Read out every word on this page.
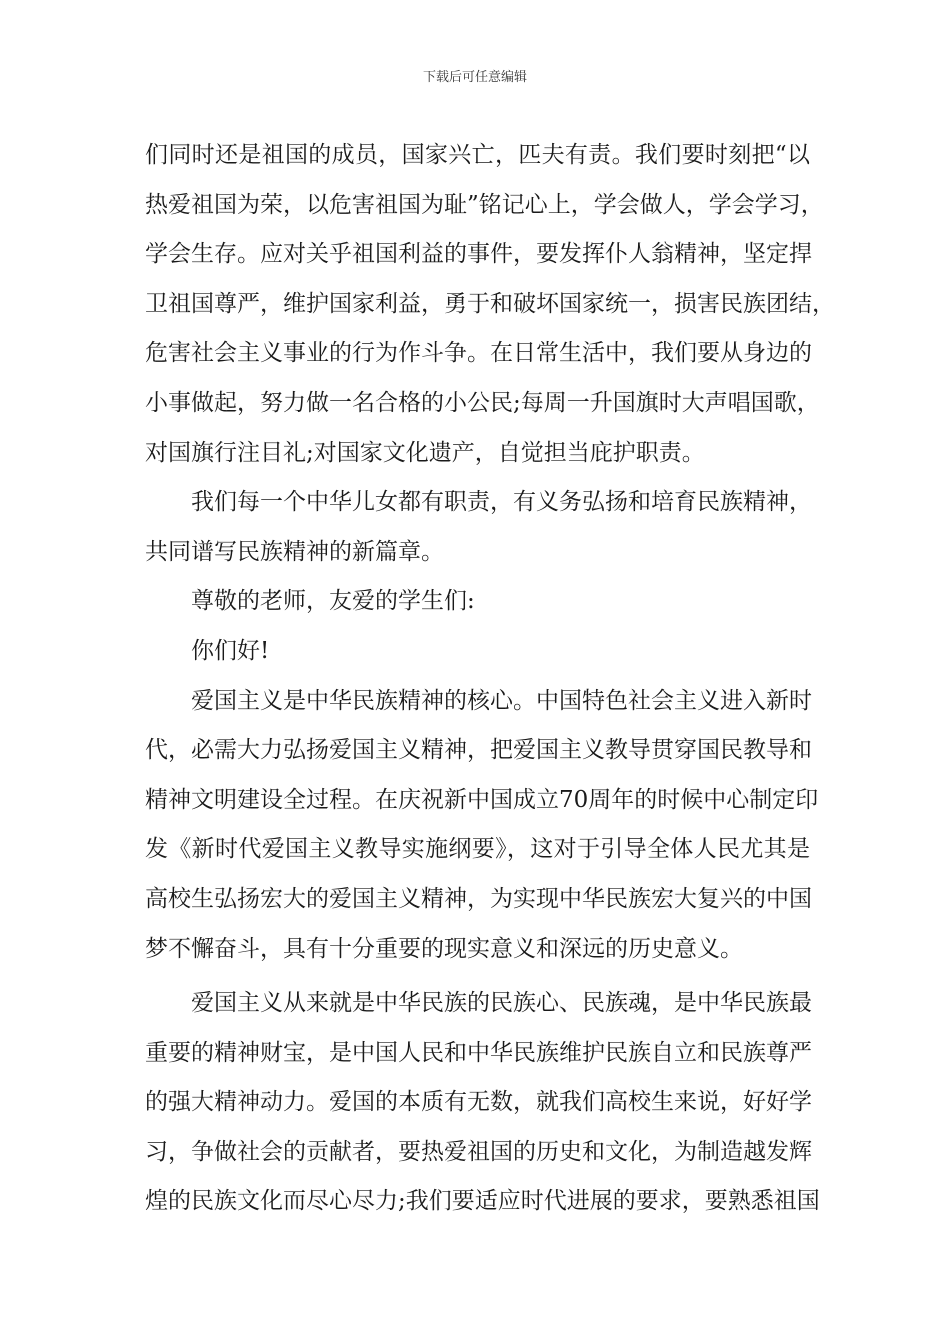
下载后可任意编辑
们同时还是祖国的成员，国家兴亡，匹夫有责。我们要时刻把“以
热爱祖国为荣，以危害祖国为耻”铭记心上，学会做人，学会学习，
学会生存。应对关乎祖国利益的事件，要发挥仆人翁精神，坚定捍
卫祖国尊严，维护国家利益，勇于和破坏国家统一，损害民族团结，
危害社会主义事业的行为作斗争。在日常生活中，我们要从身边的
小事做起，努力做一名合格的小公民;每周一升国旗时大声唱国歌，
对国旗行注目礼;对国家文化遗产，自觉担当庇护职责。
我们每一个中华儿女都有职责，有义务弘扬和培育民族精神，
共同谱写民族精神的新篇章。
尊敬的老师，友爱的学生们:
你们好!
爱国主义是中华民族精神的核心。中国特色社会主义进入新时
代，必需大力弘扬爱国主义精神，把爱国主义教导贯穿国民教导和
精神文明建设全过程。在庆祝新中国成立70周年的时候中心制定印
发《新时代爱国主义教导实施纲要》，这对于引导全体人民尤其是
高校生弘扬宏大的爱国主义精神，为实现中华民族宏大复兴的中国
梦不懈奋斗，具有十分重要的现实意义和深远的历史意义。
爱国主义从来就是中华民族的民族心、民族魂，是中华民族最
重要的精神财宝，是中国人民和中华民族维护民族自立和民族尊严
的强大精神动力。爱国的本质有无数，就我们高校生来说，好好学
习，争做社会的贡献者，要热爱祖国的历史和文化，为制造越发辉
煌的民族文化而尽心尽力;我们要适应时代进展的要求，要熟悉祖国
